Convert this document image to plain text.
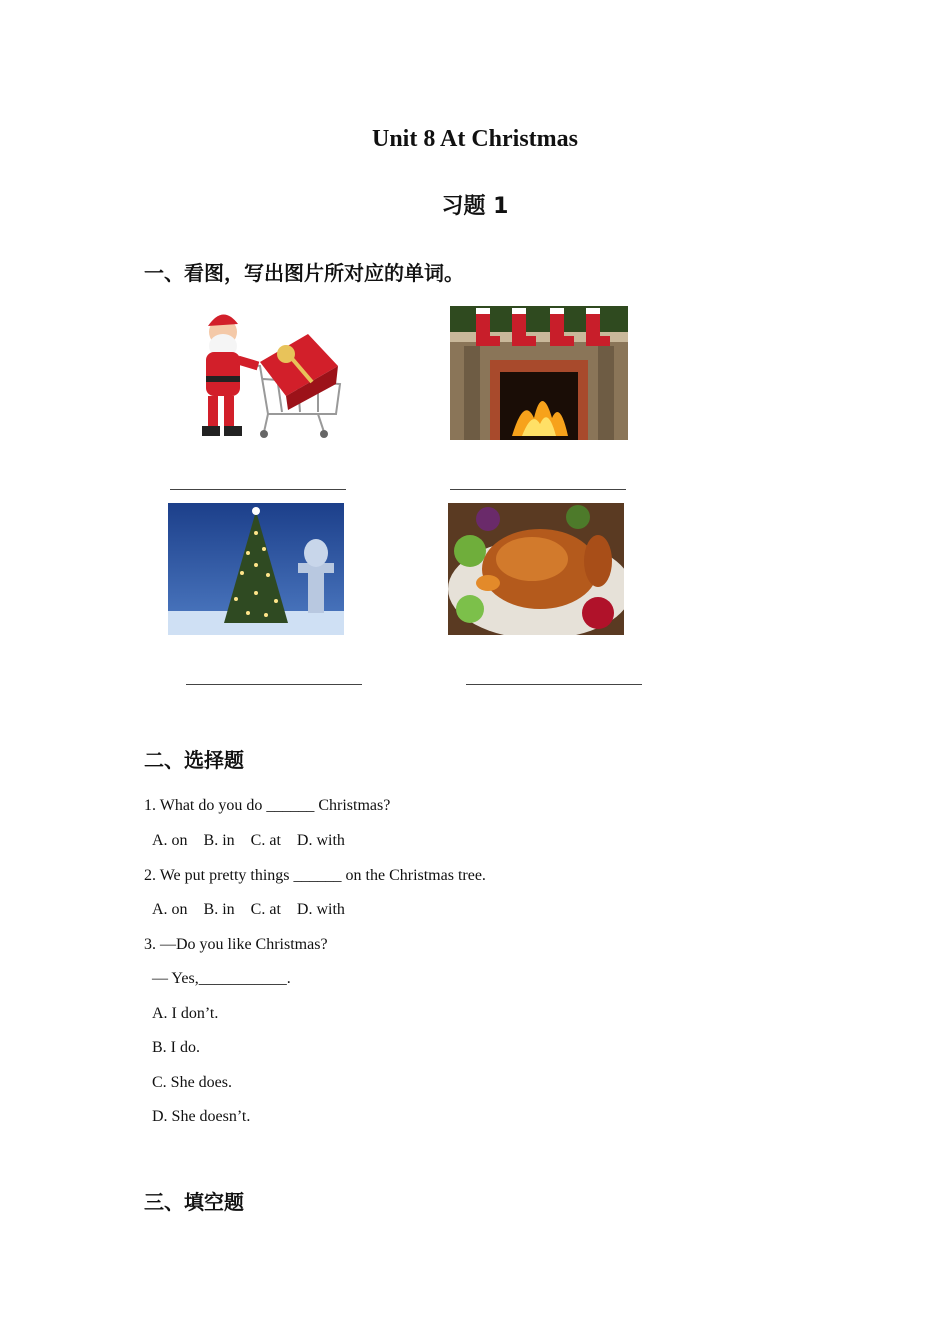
Unit 8 At Christmas
习题 1
一、看图，写出图片所对应的单词。
二、选择题
1. What do you do ______ Christmas?
A. on    B. in    C. at    D. with
2. We put pretty things ______ on the Christmas tree.
A. on    B. in    C. at    D. with
3. —Do you like Christmas?
— Yes,___________.
A. I don’t.
B. I do.
C. She does.
D. She doesn’t.
三、填空题
